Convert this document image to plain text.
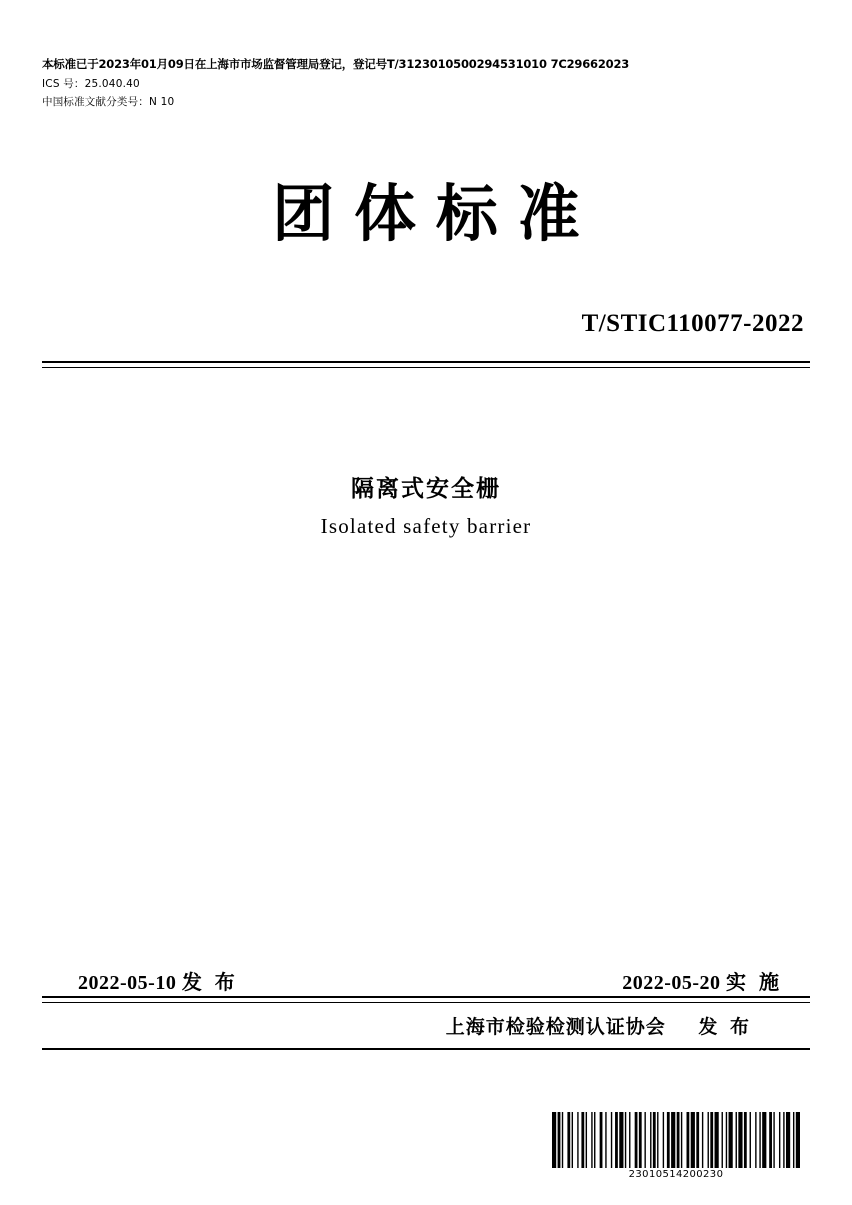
本标准已于2023年01月09日在上海市市场监督管理局登记，登记号T/3123010500294531010 7C29662023
ICS 号：25.040.40
中国标准文献分类号：N 10
团体标准
T/STIC110077-2022
隔离式安全栅
Isolated safety barrier
2022-05-10 发 布	2022-05-20 实 施
上海市检验检测认证协会   发 布
23010514200230
